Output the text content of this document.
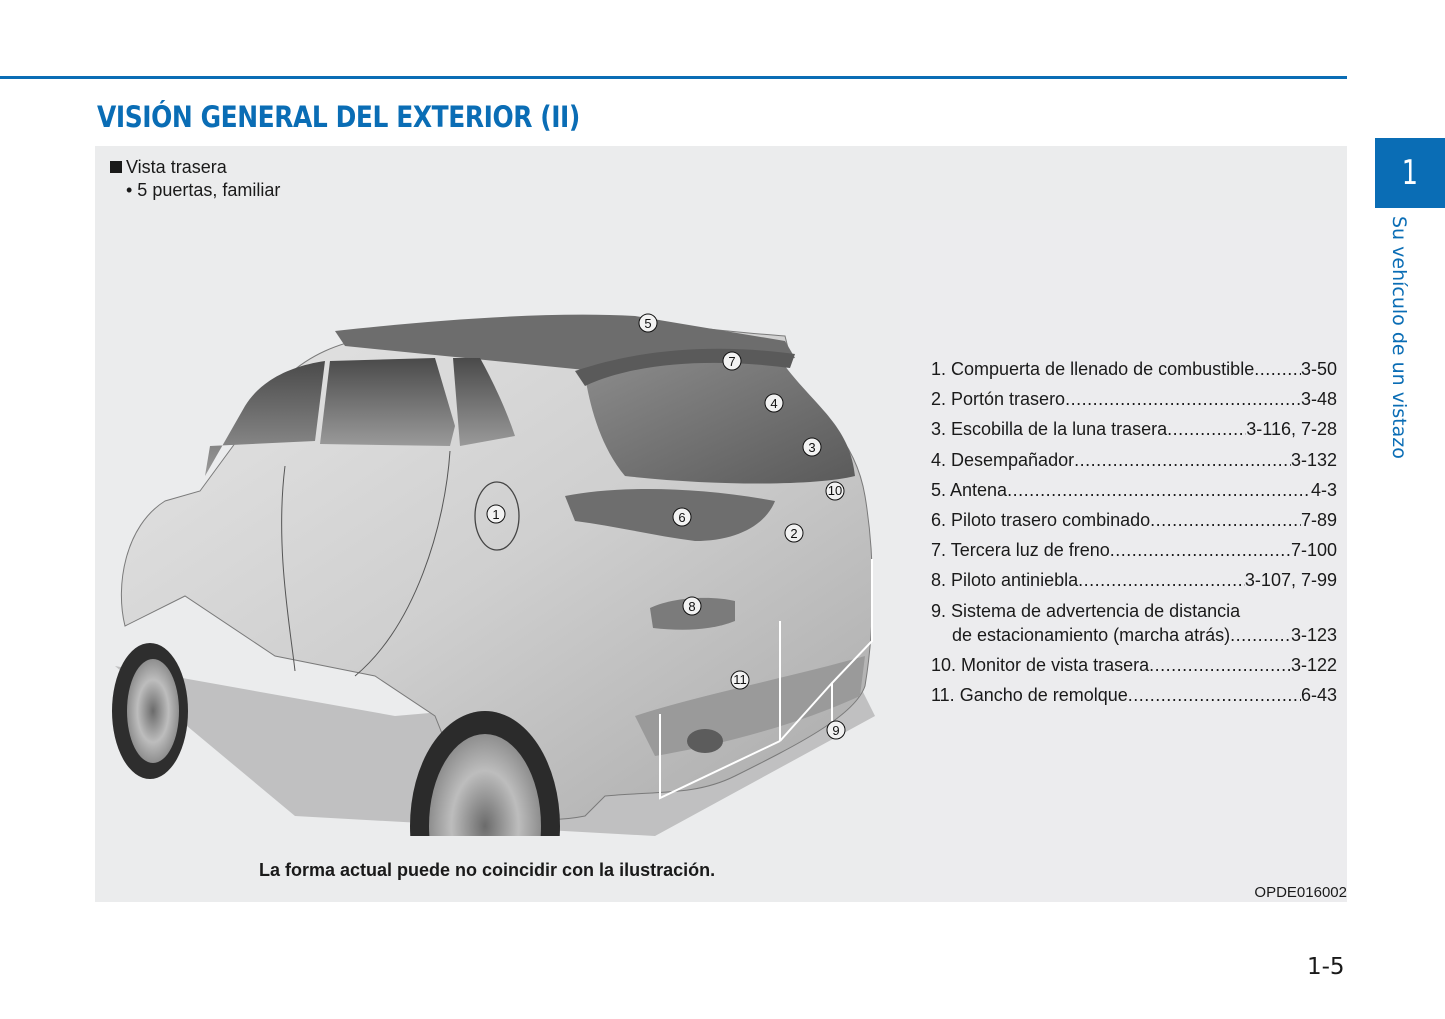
VISIÓN GENERAL DEL EXTERIOR (II)
Vista trasera
• 5 puertas, familiar
5
7
4
3
10
1	6
2
8
11
9
1. Compuerta de llenado de combustible .....	3-50
2. Portón trasero .....	3-48
3. Escobilla de la luna trasera .....	3-116, 7-28
4. Desempañador .....	3-132
5. Antena .....	4-3
6. Piloto trasero combinado .....	7-89
7. Tercera luz de freno .....	7-100
8. Piloto antiniebla .....	3-107, 7-99
9. Sistema de advertencia de distancia
de estacionamiento (marcha atrás) .....	3-123
10. Monitor de vista trasera .....	3-122
11. Gancho de remolque .....	6-43
La forma actual puede no coincidir con la ilustración.
OPDE016002
1
Su vehículo de un vistazo
1-5
